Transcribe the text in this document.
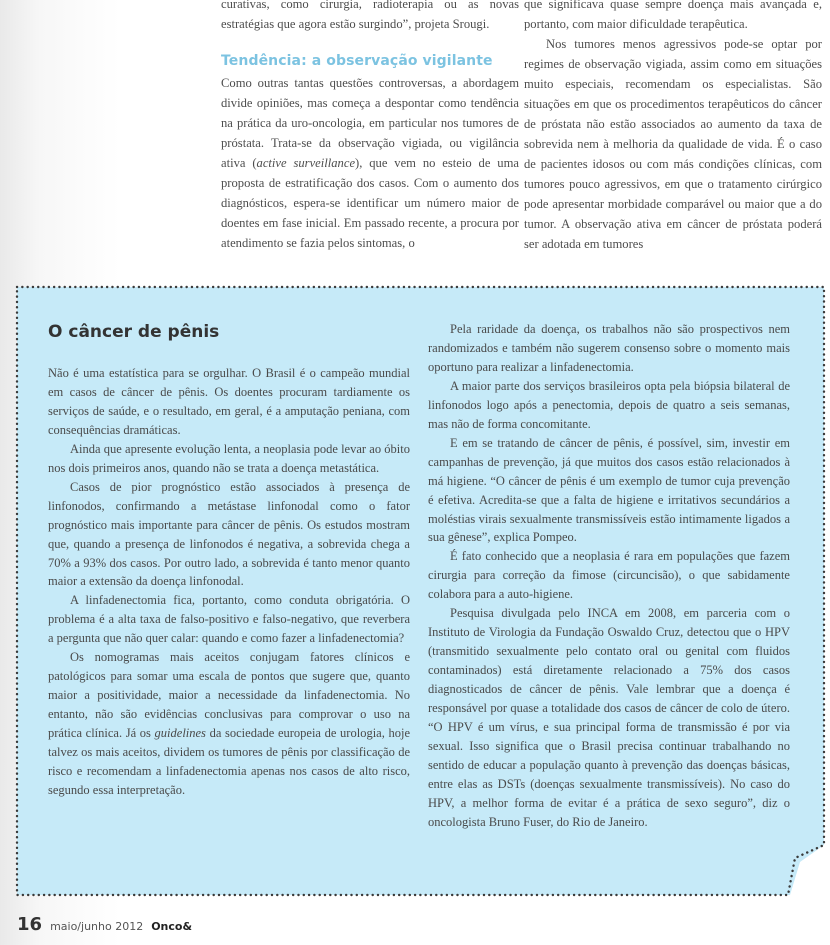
curativas, como cirurgia, radioterapia ou as novas estratégias que agora estão surgindo”, projeta Srougi.

Tendência: a observação vigilante

Como outras tantas questões controversas, a abordagem divide opiniões, mas começa a despontar como tendência na prática da uro-oncologia, em particular nos tumores de próstata. Trata-se da observação vigiada, ou vigilância ativa (active surveillance), que vem no esteio de uma proposta de estratificação dos casos. Com o aumento dos diagnósticos, espera-se identificar um número maior de doentes em fase inicial. Em passado recente, a procura por atendimento se fazia pelos sintomas, o

que significava quase sempre doença mais avançada e, portanto, com maior dificuldade terapêutica.

Nos tumores menos agressivos pode-se optar por regimes de observação vigiada, assim como em situações muito especiais, recomendam os especialistas. São situações em que os procedimentos terapêuticos do câncer de próstata não estão associados ao aumento da taxa de sobrevida nem à melhoria da qualidade de vida. É o caso de pacientes idosos ou com más condições clínicas, com tumores pouco agressivos, em que o tratamento cirúrgico pode apresentar morbidade comparável ou maior que a do tumor. A observação ativa em câncer de próstata poderá ser adotada em tumores

O câncer de pênis

Não é uma estatística para se orgulhar. O Brasil é o campeão mundial em casos de câncer de pênis. Os doentes procuram tardiamente os serviços de saúde, e o resultado, em geral, é a amputação peniana, com consequências dramáticas.

Ainda que apresente evolução lenta, a neoplasia pode levar ao óbito nos dois primeiros anos, quando não se trata a doença metastática.

Casos de pior prognóstico estão associados à presença de linfonodos, confirmando a metástase linfonodal como o fator prognóstico mais importante para câncer de pênis. Os estudos mostram que, quando a presença de linfonodos é negativa, a sobrevida chega a 70% a 93% dos casos. Por outro lado, a sobrevida é tanto menor quanto maior a extensão da doença linfonodal.

A linfadenectomia fica, portanto, como conduta obrigatória. O problema é a alta taxa de falso-positivo e falso-negativo, que reverbera a pergunta que não quer calar: quando e como fazer a linfadenectomia?

Os nomogramas mais aceitos conjugam fatores clínicos e patológicos para somar uma escala de pontos que sugere que, quanto maior a positividade, maior a necessidade da linfadenectomia. No entanto, não são evidências conclusivas para comprovar o uso na prática clínica. Já os guidelines da sociedade europeia de urologia, hoje talvez os mais aceitos, dividem os tumores de pênis por classificação de risco e recomendam a linfadenectomia apenas nos casos de alto risco, segundo essa interpretação.

Pela raridade da doença, os trabalhos não são prospectivos nem randomizados e também não sugerem consenso sobre o momento mais oportuno para realizar a linfadenectomia.

A maior parte dos serviços brasileiros opta pela biópsia bilateral de linfonodos logo após a penectomia, depois de quatro a seis semanas, mas não de forma concomitante.

E em se tratando de câncer de pênis, é possível, sim, investir em campanhas de prevenção, já que muitos dos casos estão relacionados à má higiene. “O câncer de pênis é um exemplo de tumor cuja prevenção é efetiva. Acredita-se que a falta de higiene e irritativos secundários a moléstias virais sexualmente transmissíveis estão intimamente ligados a sua gênese”, explica Pompeo.

É fato conhecido que a neoplasia é rara em populações que fazem cirurgia para correção da fimose (circuncisão), o que sabidamente colabora para a auto-higiene.

Pesquisa divulgada pelo INCA em 2008, em parceria com o Instituto de Virologia da Fundação Oswaldo Cruz, detectou que o HPV (transmitido sexualmente pelo contato oral ou genital com fluidos contaminados) está diretamente relacionado a 75% dos casos diagnosticados de câncer de pênis. Vale lembrar que a doença é responsável por quase a totalidade dos casos de câncer de colo de útero. “O HPV é um vírus, e sua principal forma de transmissão é por via sexual. Isso significa que o Brasil precisa continuar trabalhando no sentido de educar a população quanto à prevenção das doenças básicas, entre elas as DSTs (doenças sexualmente transmissíveis). No caso do HPV, a melhor forma de evitar é a prática de sexo seguro”, diz o oncologista Bruno Fuser, do Rio de Janeiro.

16 maio/junho 2012 Onco&
